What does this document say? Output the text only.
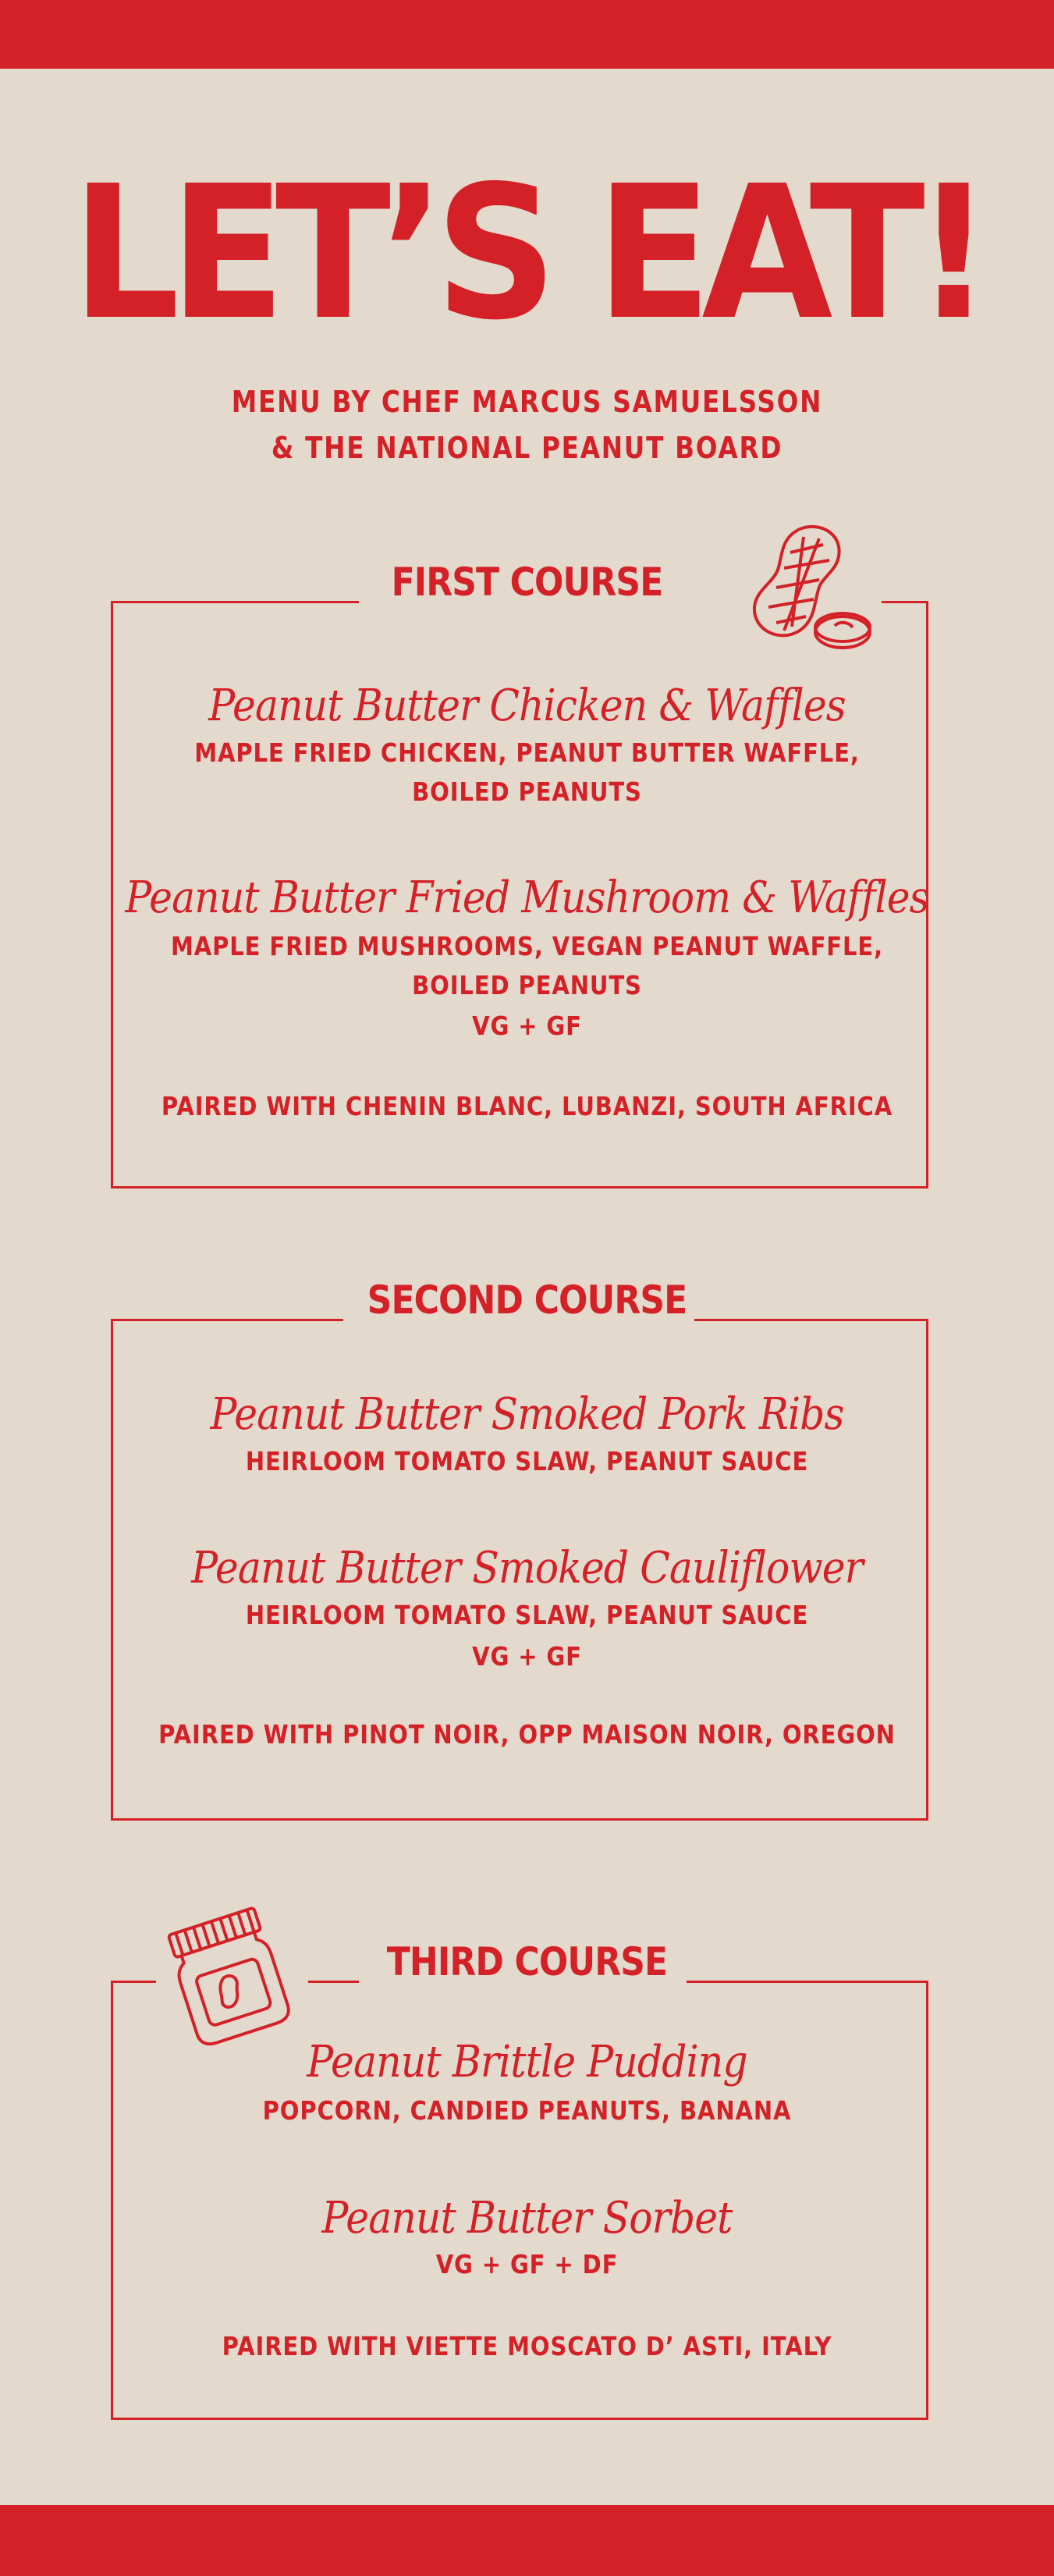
LET’S EAT!
MENU BY CHEF MARCUS SAMUELSSON
& THE NATIONAL PEANUT BOARD
FIRST COURSE
Peanut Butter Chicken & Waffles
MAPLE FRIED CHICKEN, PEANUT BUTTER WAFFLE,
BOILED PEANUTS
Peanut Butter Fried Mushroom & Waffles
MAPLE FRIED MUSHROOMS, VEGAN PEANUT WAFFLE,
BOILED PEANUTS
VG + GF
PAIRED WITH CHENIN BLANC, LUBANZI, SOUTH AFRICA
SECOND COURSE
Peanut Butter Smoked Pork Ribs
HEIRLOOM TOMATO SLAW, PEANUT SAUCE
Peanut Butter Smoked Cauliflower
HEIRLOOM TOMATO SLAW, PEANUT SAUCE
VG + GF
PAIRED WITH PINOT NOIR, OPP MAISON NOIR, OREGON
THIRD COURSE
Peanut Brittle Pudding
POPCORN, CANDIED PEANUTS, BANANA
Peanut Butter Sorbet
VG + GF + DF
PAIRED WITH VIETTE MOSCATO D’ ASTI, ITALY
